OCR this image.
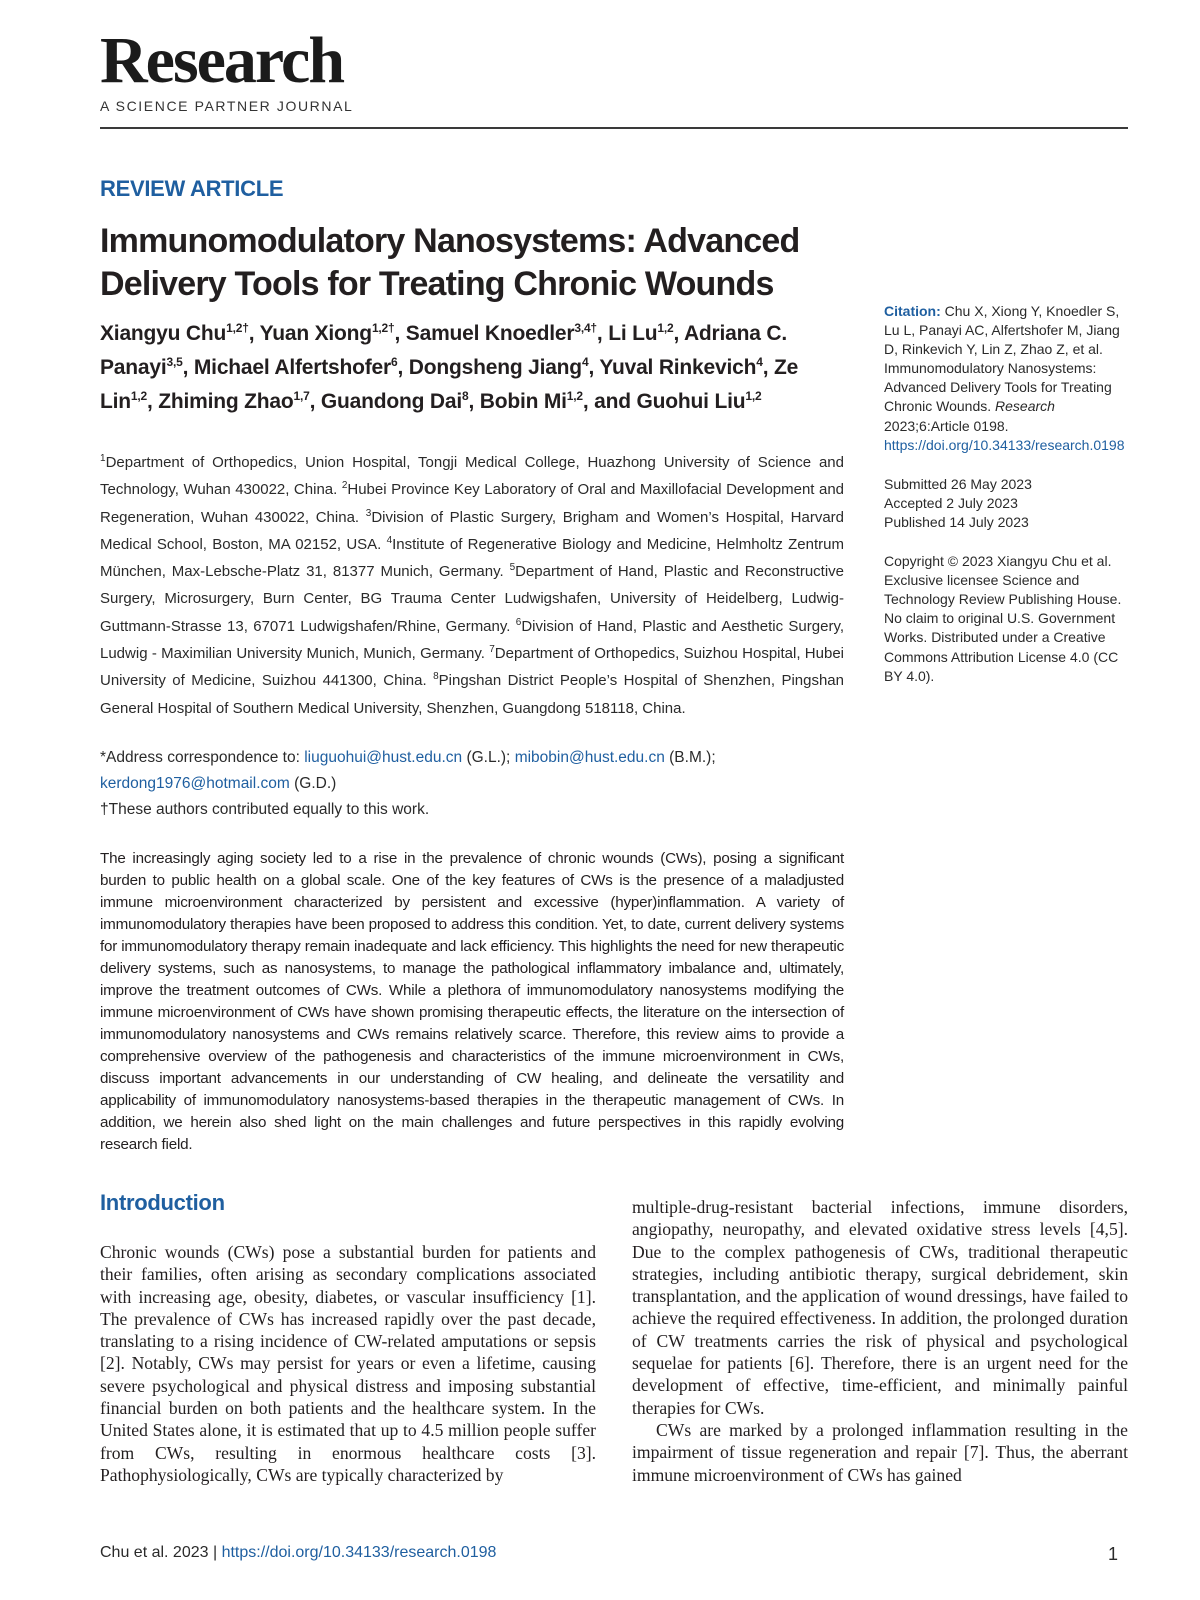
Research
A SCIENCE PARTNER JOURNAL
REVIEW ARTICLE
Immunomodulatory Nanosystems: Advanced Delivery Tools for Treating Chronic Wounds
Xiangyu Chu$^{1,2\dagger}$, Yuan Xiong$^{1,2\dagger}$, Samuel Knoedler$^{3,4\dagger}$, Li Lu$^{1,2}$, Adriana C. Panayi$^{3,5}$, Michael Alfertshofer$^6$, Dongsheng Jiang$^4$, Yuval Rinkevich$^4$, Ze Lin$^{1,2}$, Zhiming Zhao$^{1,7}$, Guandong Dai$^8$, Bobin Mi$^{1,2}$, and Guohui Liu$^{1,2}$
$^1$Department of Orthopedics, Union Hospital, Tongji Medical College, Huazhong University of Science and Technology, Wuhan 430022, China. $^2$Hubei Province Key Laboratory of Oral and Maxillofacial Development and Regeneration, Wuhan 430022, China. $^3$Division of Plastic Surgery, Brigham and Women’s Hospital, Harvard Medical School, Boston, MA 02152, USA. $^4$Institute of Regenerative Biology and Medicine, Helmholtz Zentrum München, Max-Lebsche-Platz 31, 81377 Munich, Germany. $^5$Department of Hand, Plastic and Reconstructive Surgery, Microsurgery, Burn Center, BG Trauma Center Ludwigshafen, University of Heidelberg, Ludwig-Guttmann-Strasse 13, 67071 Ludwigshafen/Rhine, Germany. $^6$Division of Hand, Plastic and Aesthetic Surgery, Ludwig - Maximilian University Munich, Munich, Germany. $^7$Department of Orthopedics, Suizhou Hospital, Hubei University of Medicine, Suizhou 441300, China. $^8$Pingshan District People’s Hospital of Shenzhen, Pingshan General Hospital of Southern Medical University, Shenzhen, Guangdong 518118, China.
*Address correspondence to: liuguohui@hust.edu.cn (G.L.); mibobin@hust.edu.cn (B.M.); kerdong1976@hotmail.com (G.D.)
†These authors contributed equally to this work.
The increasingly aging society led to a rise in the prevalence of chronic wounds (CWs), posing a significant burden to public health on a global scale. One of the key features of CWs is the presence of a maladjusted immune microenvironment characterized by persistent and excessive (hyper)inflammation. A variety of immunomodulatory therapies have been proposed to address this condition. Yet, to date, current delivery systems for immunomodulatory therapy remain inadequate and lack efficiency. This highlights the need for new therapeutic delivery systems, such as nanosystems, to manage the pathological inflammatory imbalance and, ultimately, improve the treatment outcomes of CWs. While a plethora of immunomodulatory nanosystems modifying the immune microenvironment of CWs have shown promising therapeutic effects, the literature on the intersection of immunomodulatory nanosystems and CWs remains relatively scarce. Therefore, this review aims to provide a comprehensive overview of the pathogenesis and characteristics of the immune microenvironment in CWs, discuss important advancements in our understanding of CW healing, and delineate the versatility and applicability of immunomodulatory nanosystems-based therapies in the therapeutic management of CWs. In addition, we herein also shed light on the main challenges and future perspectives in this rapidly evolving research field.
Citation: Chu X, Xiong Y, Knoedler S, Lu L, Panayi AC, Alfertshofer M, Jiang D, Rinkevich Y, Lin Z, Zhao Z, et al. Immunomodulatory Nanosystems: Advanced Delivery Tools for Treating Chronic Wounds. Research 2023;6:Article 0198. https://doi.org/10.34133/research.0198
Submitted 26 May 2023
Accepted 2 July 2023
Published 14 July 2023
Copyright © 2023 Xiangyu Chu et al. Exclusive licensee Science and Technology Review Publishing House. No claim to original U.S. Government Works. Distributed under a Creative Commons Attribution License 4.0 (CC BY 4.0).
Introduction

Chronic wounds (CWs) pose a substantial burden for patients and their families, often arising as secondary complications associated with increasing age, obesity, diabetes, or vascular insufficiency [1]. The prevalence of CWs has increased rapidly over the past decade, translating to a rising incidence of CW-related amputations or sepsis [2]. Notably, CWs may persist for years or even a lifetime, causing severe psychological and physical distress and imposing substantial financial burden on both patients and the healthcare system. In the United States alone, it is estimated that up to 4.5 million people suffer from CWs, resulting in enormous healthcare costs [3]. Pathophysiologically, CWs are typically characterized by

multiple-drug-resistant bacterial infections, immune disorders, angiopathy, neuropathy, and elevated oxidative stress levels [4,5]. Due to the complex pathogenesis of CWs, traditional therapeutic strategies, including antibiotic therapy, surgical debridement, skin transplantation, and the application of wound dressings, have failed to achieve the required effectiveness. In addition, the prolonged duration of CW treatments carries the risk of physical and psychological sequelae for patients [6]. Therefore, there is an urgent need for the development of effective, time-efficient, and minimally painful therapies for CWs.

CWs are marked by a prolonged inflammation resulting in the impairment of tissue regeneration and repair [7]. Thus, the aberrant immune microenvironment of CWs has gained

Chu et al. 2023 | https://doi.org/10.34133/research.0198	1
